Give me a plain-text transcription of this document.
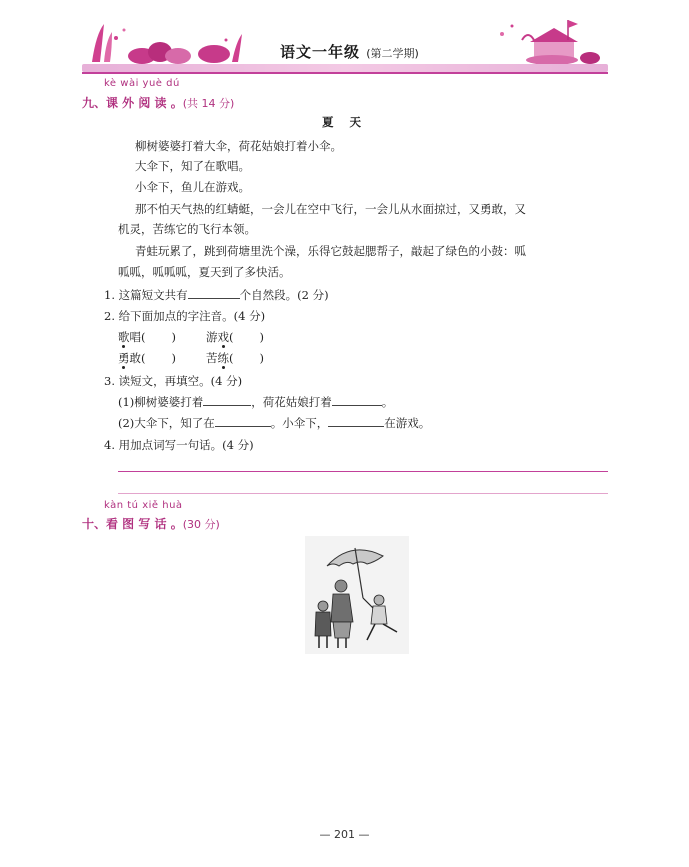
语文一年级 (第二学期)
kè wài yuè dú
九、课 外 阅 读 。(共 14 分)
夏    天
柳树婆婆打着大伞，荷花姑娘打着小伞。
大伞下，知了在歌唱。
小伞下，鱼儿在游戏。
那不怕天气热的红蜻蜓，一会儿在空中飞行，一会儿从水面掠过，又勇敢，又
机灵，苦练它的飞行本领。
青蛙玩累了，跳到荷塘里洗个澡，乐得它鼓起腮帮子，敲起了绿色的小鼓：呱
呱呱，呱呱呱，夏天到了多快活。
1. 这篇短文共有	个自然段。(2 分)
2. 给下面加点的字注音。(4 分)
歌唱( )	游戏( )
勇敢( )	苦练( )
3. 读短文，再填空。(4 分)
(1)柳树婆婆打着	，荷花姑娘打着	。
(2)大伞下，知了在	。小伞下，	在游戏。
4. 用加点词写一句话。(4 分)
kàn tú xiě huà
十、看 图 写 话 。(30 分)
— 201 —
